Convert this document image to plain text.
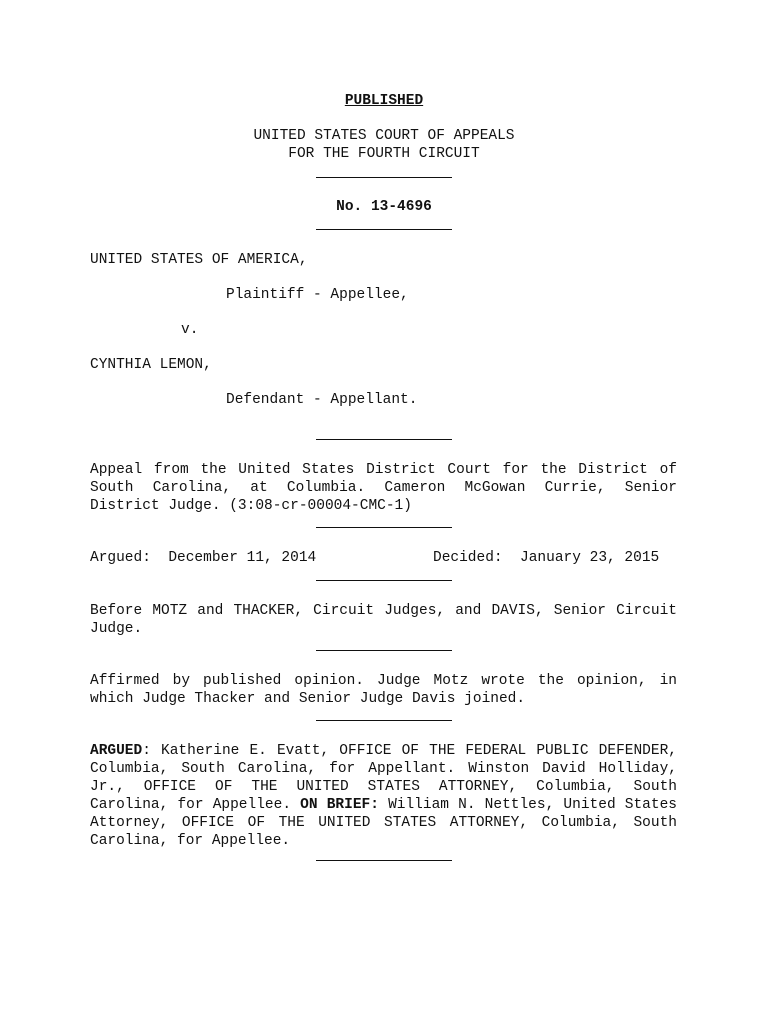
PUBLISHED
UNITED STATES COURT OF APPEALS
FOR THE FOURTH CIRCUIT
No. 13-4696
UNITED STATES OF AMERICA,
Plaintiff - Appellee,
v.
CYNTHIA LEMON,
Defendant - Appellant.
Appeal from the United States District Court for the District of South Carolina, at Columbia. Cameron McGowan Currie, Senior District Judge. (3:08-cr-00004-CMC-1)
Argued:  December 11, 2014	Decided:  January 23, 2015
Before MOTZ and THACKER, Circuit Judges, and DAVIS, Senior Circuit Judge.
Affirmed by published opinion. Judge Motz wrote the opinion, in which Judge Thacker and Senior Judge Davis joined.
ARGUED: Katherine E. Evatt, OFFICE OF THE FEDERAL PUBLIC DEFENDER, Columbia, South Carolina, for Appellant. Winston David Holliday, Jr., OFFICE OF THE UNITED STATES ATTORNEY, Columbia, South Carolina, for Appellee. ON BRIEF: William N. Nettles, United States Attorney, OFFICE OF THE UNITED STATES ATTORNEY, Columbia, South Carolina, for Appellee.
